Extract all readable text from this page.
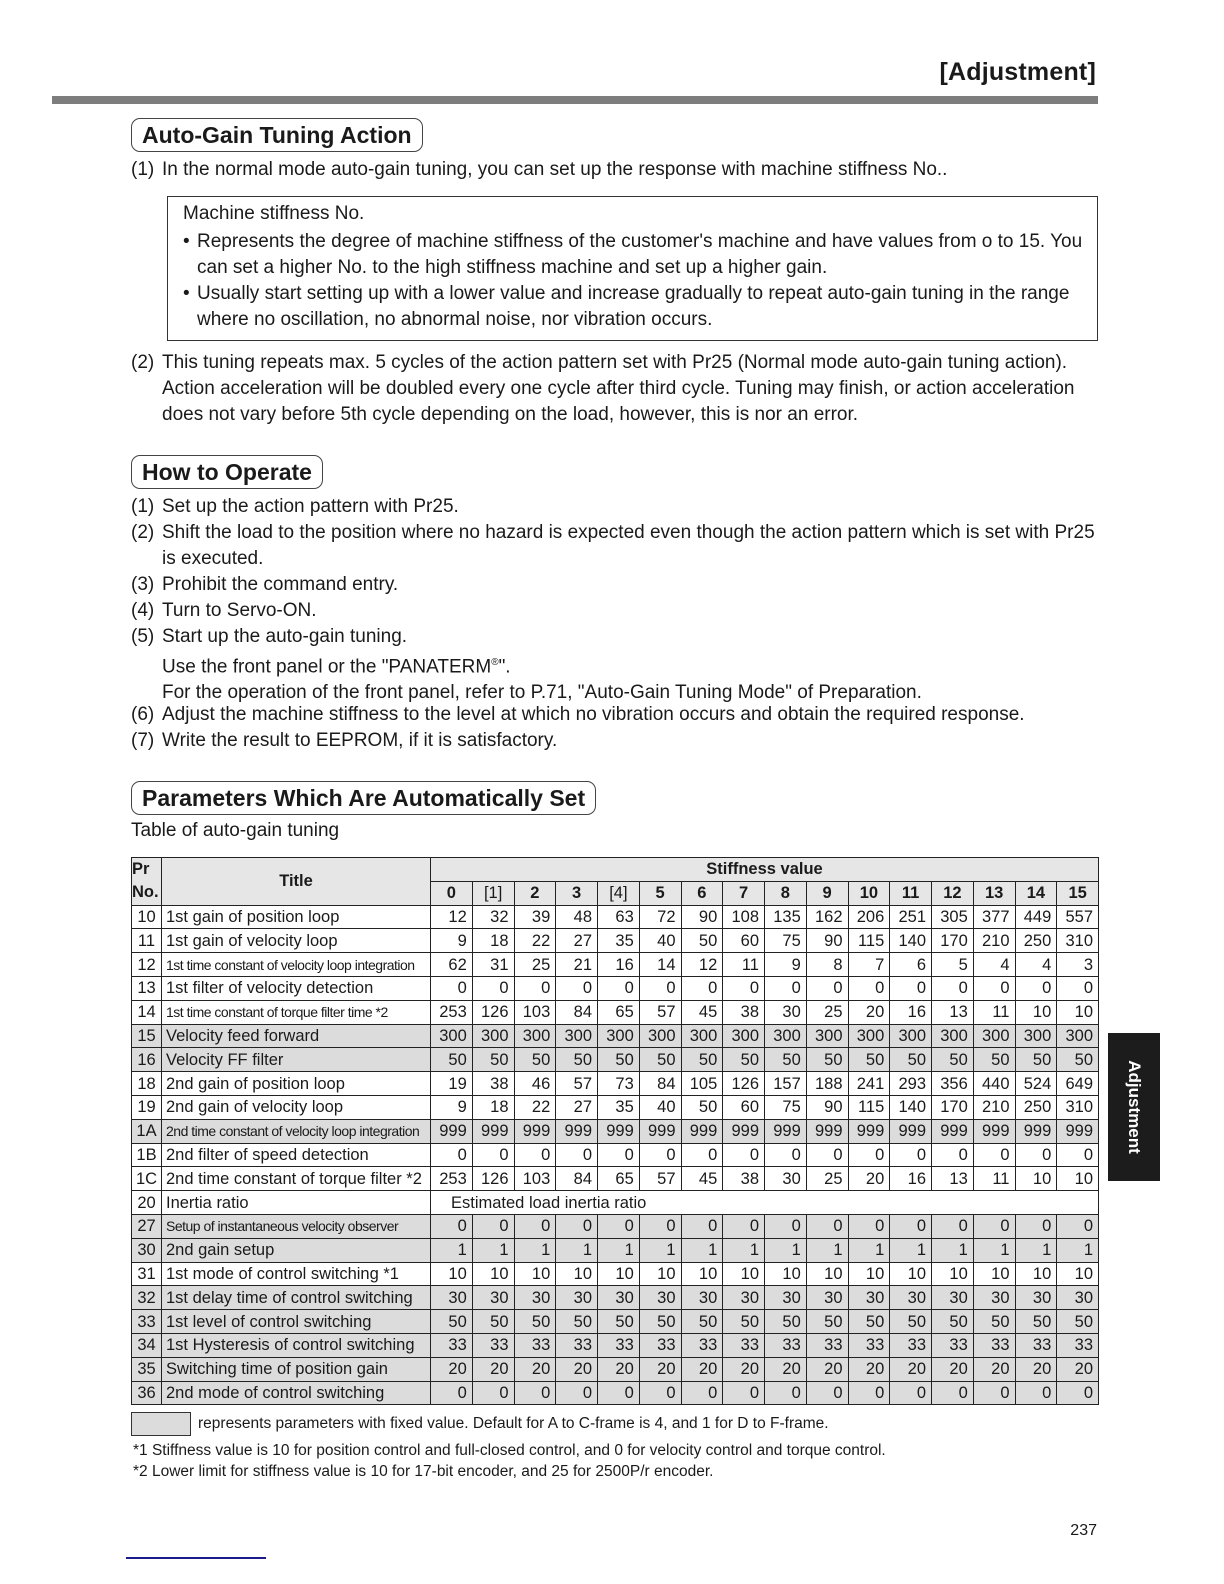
[Adjustment]
Adjustment
Auto-Gain Tuning Action
(1) In the normal mode auto-gain tuning, you can set up the response with machine stiffness No..
Machine stiffness No.
• Represents the degree of machine stiffness of the customer's machine and have values from o to 15. You can set a higher No. to the high stiffness machine and set up a higher gain.
• Usually start setting up with a lower value and increase gradually to repeat auto-gain tuning in the range where no oscillation, no abnormal noise, nor vibration occurs.
(2) This tuning repeats max. 5 cycles of the action pattern set with Pr25 (Normal mode auto-gain tuning action). Action acceleration will be doubled every one cycle after third cycle. Tuning may finish, or action acceleration does not vary before 5th cycle depending on the load, however, this is nor an error.
How to Operate
(1) Set up the action pattern with Pr25.
(2) Shift the load to the position where no hazard is expected even though the action pattern which is set with Pr25 is executed.
(3) Prohibit the command entry.
(4) Turn to Servo-ON.
(5) Start up the auto-gain tuning.
Use the front panel or the "PANATERM®".
For the operation of the front panel, refer to P.71, "Auto-Gain Tuning Mode" of Preparation.
(6) Adjust the machine stiffness to the level at which no vibration occurs and obtain the required response.
(7) Write the result to EEPROM, if it is satisfactory.
Parameters Which Are Automatically Set
Table of auto-gain tuning
Pr
No.	Title	Stiffness value															
		0	[1]	2	3	[4]	5	6	7	8	9	10	11	12	13	14	15
10	1st gain of position loop	12	32	39	48	63	72	90	108	135	162	206	251	305	377	449	557
11	1st gain of velocity loop	9	18	22	27	35	40	50	60	75	90	115	140	170	210	250	310
12	1st time constant of velocity loop integration	62	31	25	21	16	14	12	11	9	8	7	6	5	4	4	3
13	1st filter of velocity detection	0	0	0	0	0	0	0	0	0	0	0	0	0	0	0	0
14	1st time constant of torque filter time *2	253	126	103	84	65	57	45	38	30	25	20	16	13	11	10	10
15	Velocity feed forward	300	300	300	300	300	300	300	300	300	300	300	300	300	300	300	300
16	Velocity FF filter	50	50	50	50	50	50	50	50	50	50	50	50	50	50	50	50
18	2nd gain of position loop	19	38	46	57	73	84	105	126	157	188	241	293	356	440	524	649
19	2nd gain of velocity loop	9	18	22	27	35	40	50	60	75	90	115	140	170	210	250	310
1A	2nd time constant of velocity loop integration	999	999	999	999	999	999	999	999	999	999	999	999	999	999	999	999
1B	2nd filter of speed detection	0	0	0	0	0	0	0	0	0	0	0	0	0	0	0	0
1C	2nd time constant of torque filter *2	253	126	103	84	65	57	45	38	30	25	20	16	13	11	10	10
20	Inertia ratio	Estimated load inertia ratio															
27	Setup of instantaneous velocity observer	0	0	0	0	0	0	0	0	0	0	0	0	0	0	0	0
30	2nd gain setup	1	1	1	1	1	1	1	1	1	1	1	1	1	1	1	1
31	1st mode of control switching *1	10	10	10	10	10	10	10	10	10	10	10	10	10	10	10	10
32	1st delay time of control switching	30	30	30	30	30	30	30	30	30	30	30	30	30	30	30	30
33	1st level of control switching	50	50	50	50	50	50	50	50	50	50	50	50	50	50	50	50
34	1st Hysteresis of control switching	33	33	33	33	33	33	33	33	33	33	33	33	33	33	33	33
35	Switching time of position gain	20	20	20	20	20	20	20	20	20	20	20	20	20	20	20	20
36	2nd mode of control switching	0	0	0	0	0	0	0	0	0	0	0	0	0	0	0	0
represents parameters with fixed value. Default for A to C-frame is 4, and 1 for D to F-frame.
*1 Stiffness value is 10 for position control and full-closed control, and 0 for velocity control and torque control.
*2 Lower limit for stiffness value is 10 for 17-bit encoder, and 25 for 2500P/r encoder.
237
